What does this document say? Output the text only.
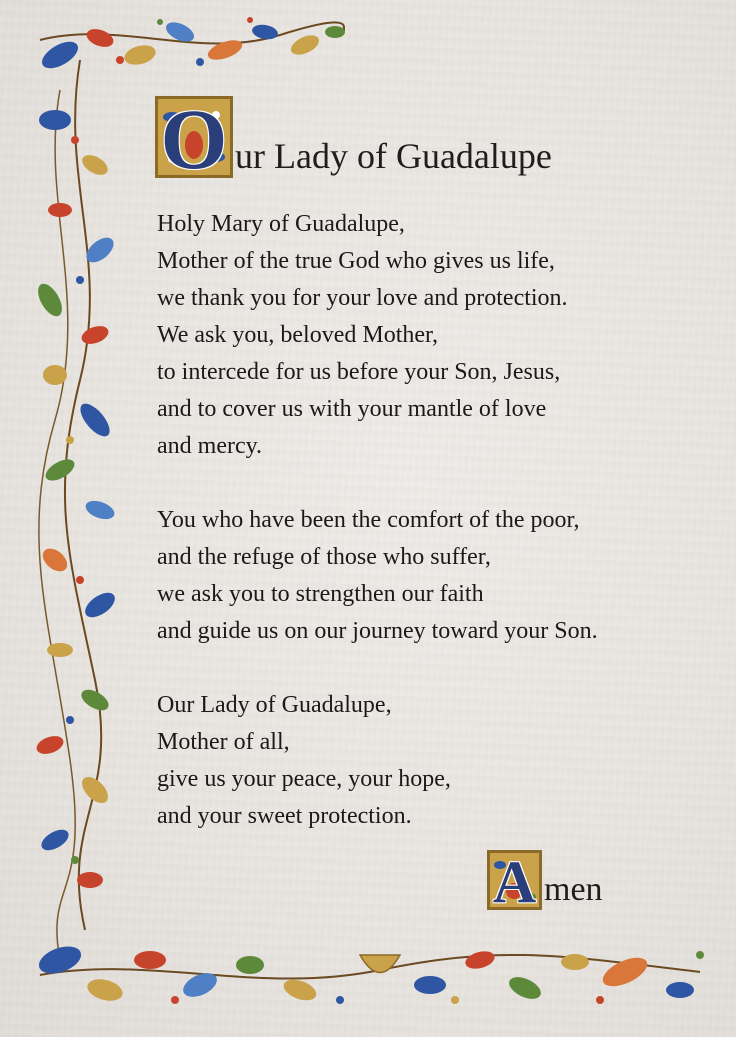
O ur Lady of Guadalupe

Holy Mary of Guadalupe,
Mother of the true God who gives us life,
we thank you for your love and protection.
We ask you, beloved Mother,
to intercede for us before your Son, Jesus,
and to cover us with your mantle of love
and mercy.

You who have been the comfort of the poor,
and the refuge of those who suffer,
we ask you to strengthen our faith
and guide us on our journey toward your Son.

Our Lady of Guadalupe,
Mother of all,
give us your peace, your hope,
and your sweet protection.

A men
